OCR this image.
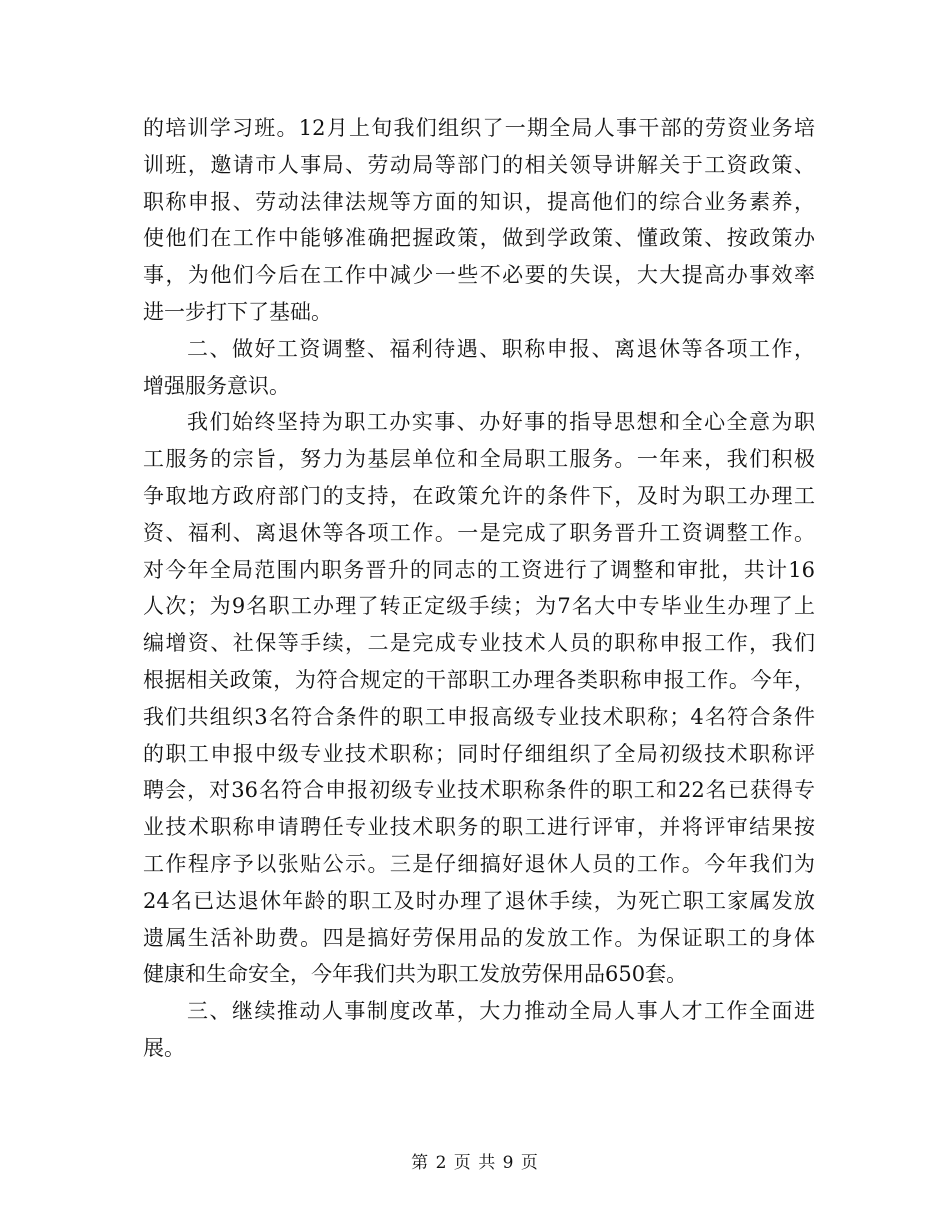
的培训学习班。12月上旬我们组织了一期全局人事干部的劳资业务培

训班，邀请市人事局、劳动局等部门的相关领导讲解关于工资政策、

职称申报、劳动法律法规等方面的知识，提高他们的综合业务素养，

使他们在工作中能够准确把握政策，做到学政策、懂政策、按政策办

事，为他们今后在工作中减少一些不必要的失误，大大提高办事效率

进一步打下了基础。

二、做好工资调整、福利待遇、职称申报、离退休等各项工作，

增强服务意识。

我们始终坚持为职工办实事、办好事的指导思想和全心全意为职

工服务的宗旨，努力为基层单位和全局职工服务。一年来，我们积极

争取地方政府部门的支持，在政策允许的条件下，及时为职工办理工

资、福利、离退休等各项工作。一是完成了职务晋升工资调整工作。

对今年全局范围内职务晋升的同志的工资进行了调整和审批，共计16

人次；为9名职工办理了转正定级手续；为7名大中专毕业生办理了上

编增资、社保等手续，二是完成专业技术人员的职称申报工作，我们

根据相关政策，为符合规定的干部职工办理各类职称申报工作。今年，

我们共组织3名符合条件的职工申报高级专业技术职称；4名符合条件

的职工申报中级专业技术职称；同时仔细组织了全局初级技术职称评

聘会，对36名符合申报初级专业技术职称条件的职工和22名已获得专

业技术职称申请聘任专业技术职务的职工进行评审，并将评审结果按

工作程序予以张贴公示。三是仔细搞好退休人员的工作。今年我们为

24名已达退休年龄的职工及时办理了退休手续，为死亡职工家属发放

遗属生活补助费。四是搞好劳保用品的发放工作。为保证职工的身体

健康和生命安全，今年我们共为职工发放劳保用品650套。

三、继续推动人事制度改革，大力推动全局人事人才工作全面进

展。

第 2 页 共 9 页
